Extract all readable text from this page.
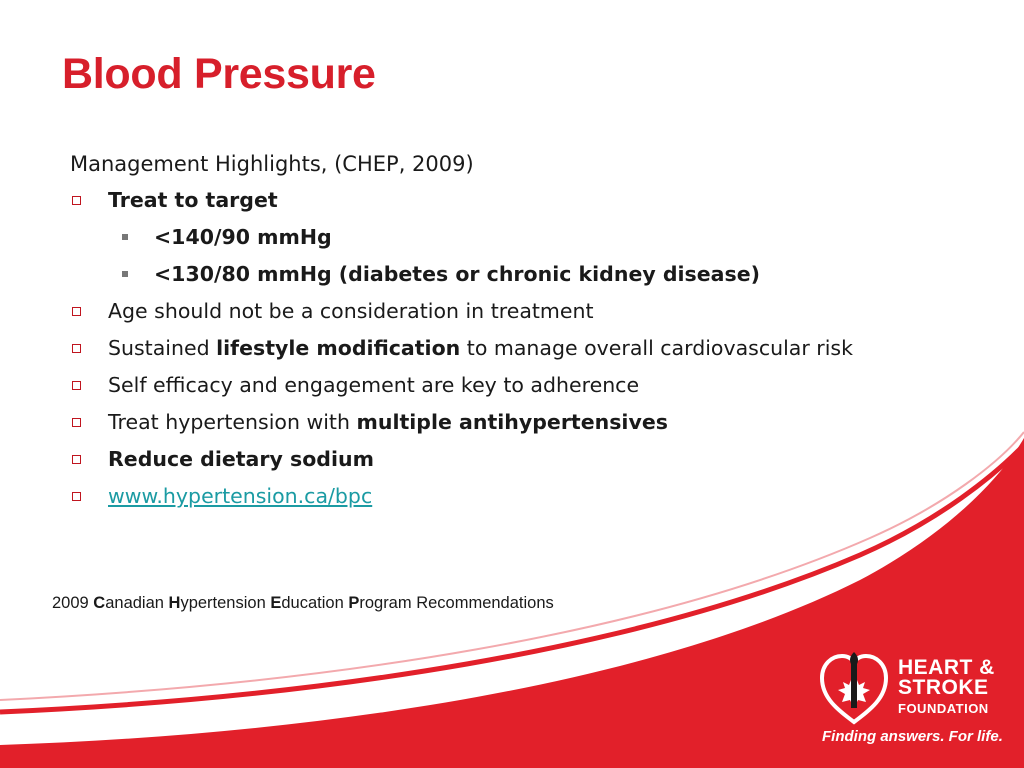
Blood Pressure
Management Highlights, (CHEP, 2009)
Treat to target
<140/90 mmHg
<130/80 mmHg (diabetes or chronic kidney disease)
Age should not be a consideration in treatment
Sustained lifestyle modification to manage overall cardiovascular risk
Self efficacy and engagement are key to adherence
Treat hypertension with multiple antihypertensives
Reduce dietary sodium
www.hypertension.ca/bpc
2009 Canadian Hypertension Education Program Recommendations
HEART &
STROKE
FOUNDATION
Finding answers. For life.
